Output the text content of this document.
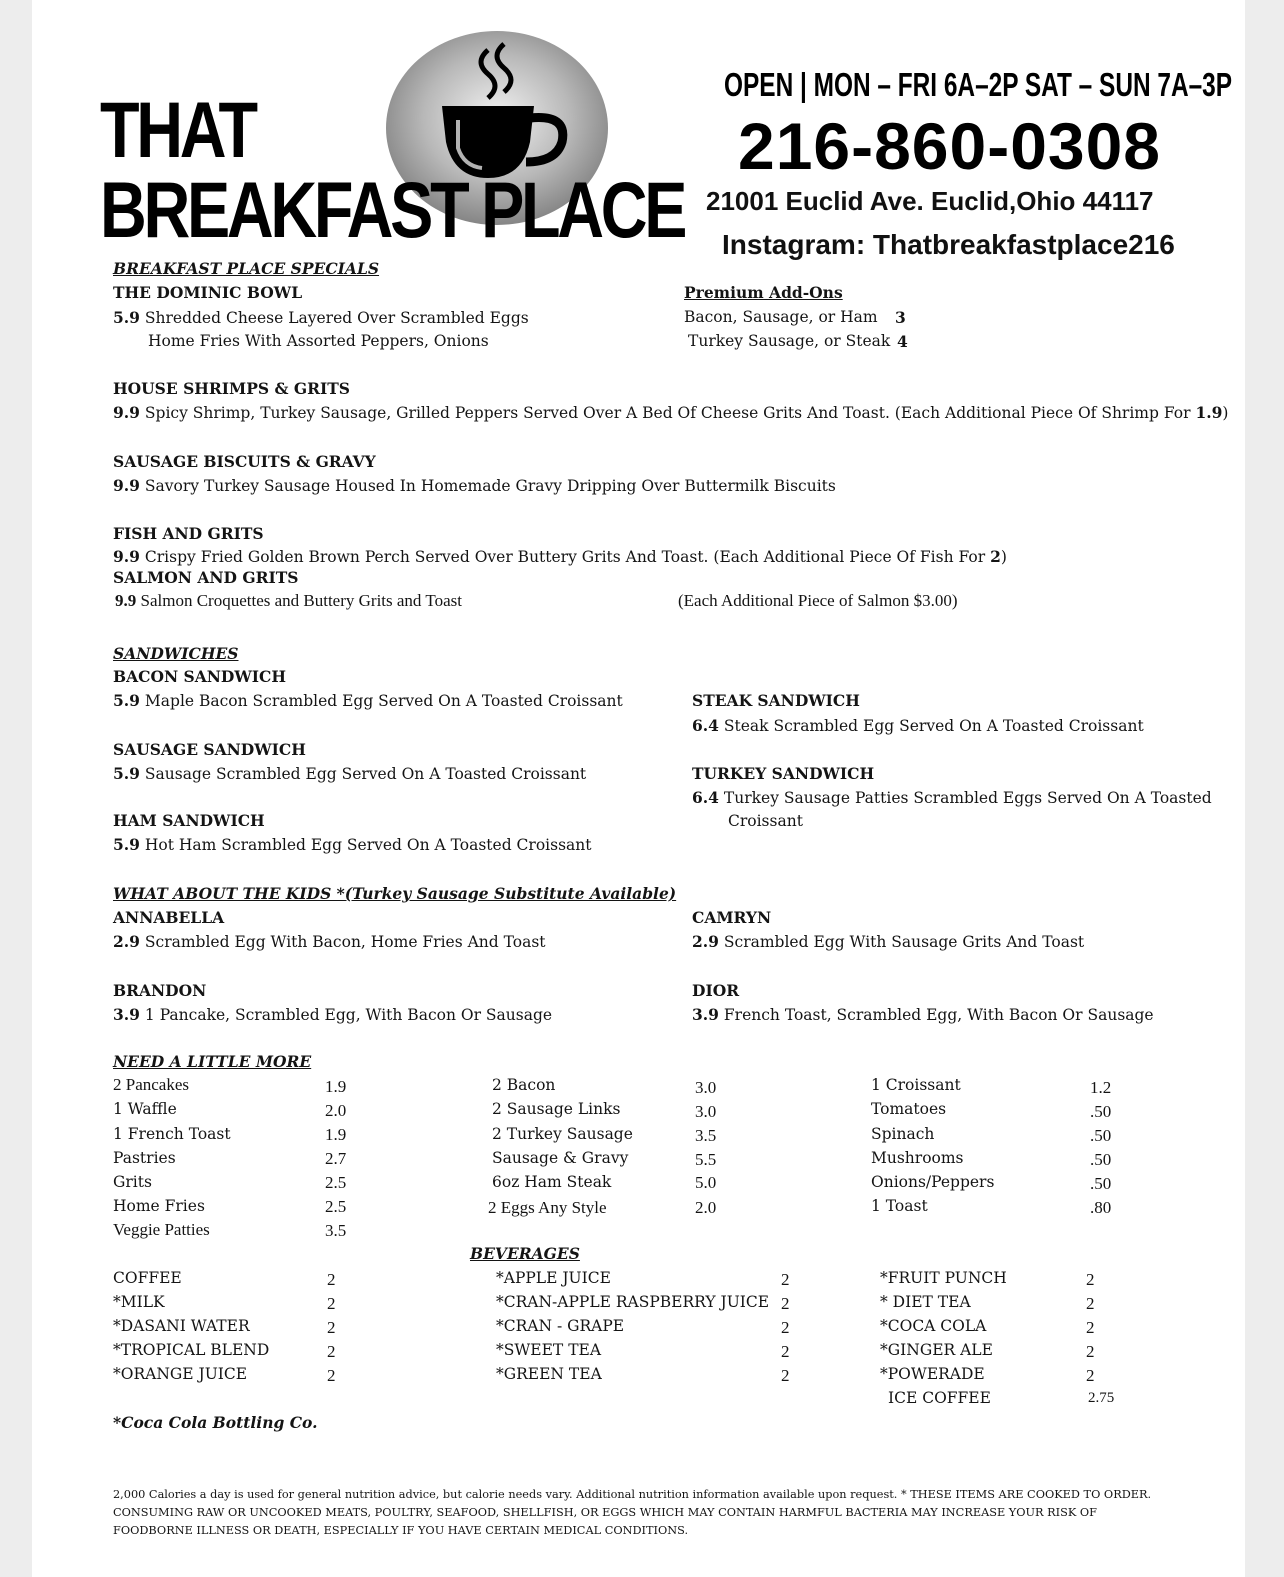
THAT
BREAKFAST PLACE
OPEN | MON – FRI 6A–2P SAT – SUN 7A–3P
216-860-0308
21001 Euclid Ave. Euclid,Ohio 44117
Instagram: Thatbreakfastplace216
BREAKFAST PLACE SPECIALS
THE DOMINIC BOWL
5.9 Shredded Cheese Layered Over Scrambled Eggs
Home Fries With Assorted Peppers, Onions
Premium Add-Ons
Bacon, Sausage, or Ham 3
Turkey Sausage, or Steak 4
HOUSE SHRIMPS & GRITS
9.9 Spicy Shrimp, Turkey Sausage, Grilled Peppers Served Over A Bed Of Cheese Grits And Toast. (Each Additional Piece Of Shrimp For 1.9)
SAUSAGE BISCUITS & GRAVY
9.9 Savory Turkey Sausage Housed In Homemade Gravy Dripping Over Buttermilk Biscuits
FISH AND GRITS
9.9 Crispy Fried Golden Brown Perch Served Over Buttery Grits And Toast. (Each Additional Piece Of Fish For 2)
SALMON AND GRITS
9.9 Salmon Croquettes and Buttery Grits and Toast	(Each Additional Piece of Salmon $3.00)
SANDWICHES
BACON SANDWICH
5.9 Maple Bacon Scrambled Egg Served On A Toasted Croissant
SAUSAGE SANDWICH
5.9 Sausage Scrambled Egg Served On A Toasted Croissant
HAM SANDWICH
5.9 Hot Ham Scrambled Egg Served On A Toasted Croissant
STEAK SANDWICH
6.4 Steak Scrambled Egg Served On A Toasted Croissant
TURKEY SANDWICH
6.4 Turkey Sausage Patties Scrambled Eggs Served On A Toasted
Croissant
WHAT ABOUT THE KIDS *(Turkey Sausage Substitute Available)
ANNABELLA
2.9 Scrambled Egg With Bacon, Home Fries And Toast
CAMRYN
2.9 Scrambled Egg With Sausage Grits And Toast
BRANDON
3.9 1 Pancake, Scrambled Egg, With Bacon Or Sausage
DIOR
3.9 French Toast, Scrambled Egg, With Bacon Or Sausage
NEED A LITTLE MORE
2 Pancakes	1.9
1 Waffle	2.0
1 French Toast	1.9
Pastries	2.7
Grits	2.5
Home Fries	2.5
Veggie Patties	3.5
2 Bacon	3.0
2 Sausage Links	3.0
2 Turkey Sausage	3.5
Sausage & Gravy	5.5
6oz Ham Steak	5.0
2 Eggs Any Style	2.0
1 Croissant	1.2
Tomatoes	.50
Spinach	.50
Mushrooms	.50
Onions/Peppers	.50
1 Toast	.80
BEVERAGES
COFFEE	2
*MILK	2
*DASANI WATER	2
*TROPICAL BLEND	2
*ORANGE JUICE	2
*APPLE JUICE	2
*CRAN-APPLE RASPBERRY JUICE 2
*CRAN - GRAPE	2
*SWEET TEA	2
*GREEN TEA	2
*FRUIT PUNCH	2
* DIET TEA	2
*COCA COLA	2
*GINGER ALE	2
*POWERADE	2
ICE COFFEE	2.75
*Coca Cola Bottling Co.
2,000 Calories a day is used for general nutrition advice, but calorie needs vary. Additional nutrition information available upon request. * THESE ITEMS ARE COOKED TO ORDER. CONSUMING RAW OR UNCOOKED MEATS, POULTRY, SEAFOOD, SHELLFISH, OR EGGS WHICH MAY CONTAIN HARMFUL BACTERIA MAY INCREASE YOUR RISK OF FOODBORNE ILLNESS OR DEATH, ESPECIALLY IF YOU HAVE CERTAIN MEDICAL CONDITIONS.
